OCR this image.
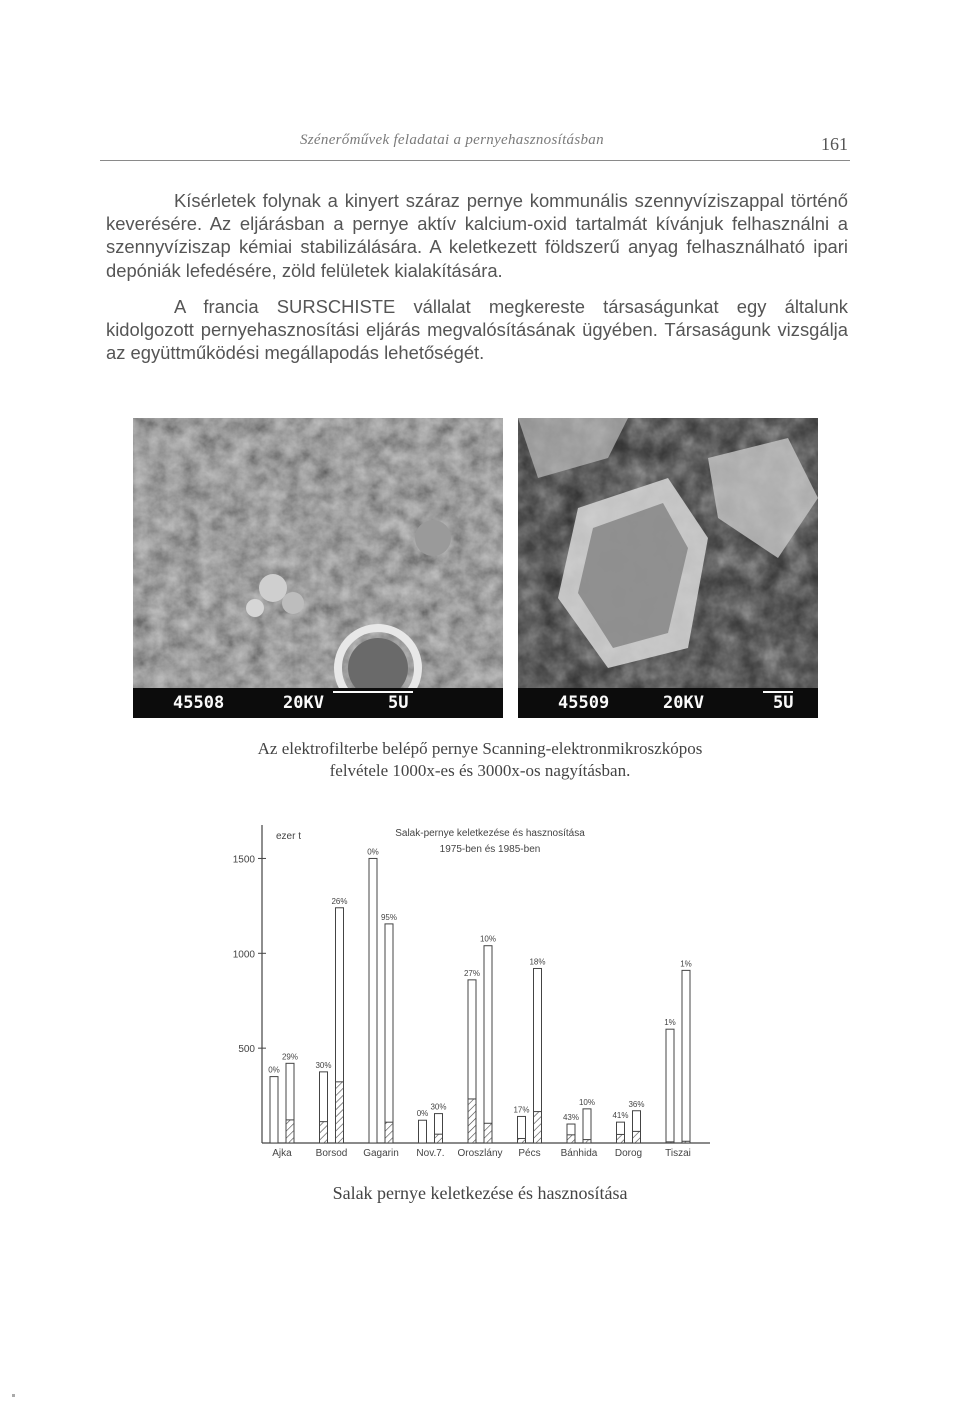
Szénerőművek feladatai a pernyehasznosításban	161

Kísérletek folynak a kinyert száraz pernye kommunális szennyvíziszappal történő keverésére. Az eljárásban a pernye aktív kalcium-oxid tartalmát kívánjuk felhasználni a szennyvíziszap kémiai stabilizálására. A keletkezett földszerű anyag felhasználható ipari depóniák lefedésére, zöld felületek kialakítására.

A francia SURSCHISTE vállalat megkereste társaságunkat egy általunk kidolgozott pernyehasznosítási eljárás megvalósításának ügyében. Társaságunk vizsgálja az együttműködési megállapodás lehetőségét.

45508	20KV	5U	45509	20KV	5U

Az elektrofilterbe belépő pernye Scanning-elektronmikroszkópos
felvétele 1000x-es és 3000x-os nagyításban.

Salak-pernye keletkezése és hasznosítása
1975-ben és 1985-ben
ezer t
500
1000
1500
0%
29%
Ajka
30%
26%
Borsod
0%
95%
Gagarin
0%
30%
Nov.7.
27%
10%
Oroszlány
17%
18%
Pécs
43%
10%
Bánhida
41%
36%
Dorog
1%
1%
Tiszai

Salak pernye keletkezése és hasznosítása
